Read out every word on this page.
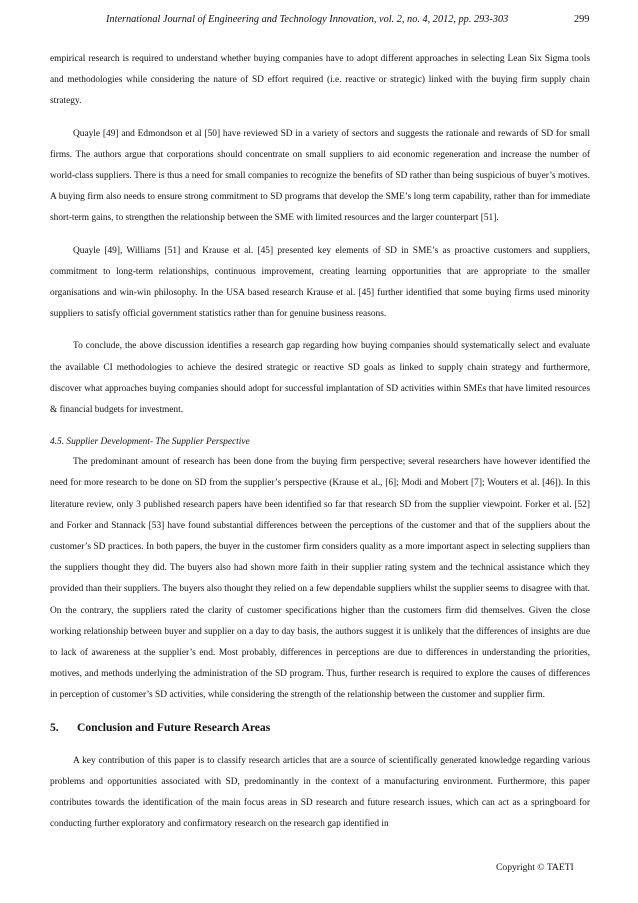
International Journal of Engineering and Technology Innovation, vol. 2, no. 4, 2012, pp. 293-303	299

empirical research is required to understand whether buying companies have to adopt different approaches in selecting Lean Six Sigma tools and methodologies while considering the nature of SD effort required (i.e. reactive or strategic) linked with the buying firm supply chain strategy.

Quayle [49] and Edmondson et al [50] have reviewed SD in a variety of sectors and suggests the rationale and rewards of SD for small firms. The authors argue that corporations should concentrate on small suppliers to aid economic regeneration and increase the number of world-class suppliers. There is thus a need for small companies to recognize the benefits of SD rather than being suspicious of buyer’s motives. A buying firm also needs to ensure strong commitment to SD programs that develop the SME’s long term capability, rather than for immediate short-term gains, to strengthen the relationship between the SME with limited resources and the larger counterpart [51].

Quayle [49], Williams [51] and Krause et al. [45] presented key elements of SD in SME’s as proactive customers and suppliers, commitment to long-term relationships, continuous improvement, creating learning opportunities that are appropriate to the smaller organisations and win-win philosophy. In the USA based research Krause et al. [45] further identified that some buying firms used minority suppliers to satisfy official government statistics rather than for genuine business reasons.

To conclude, the above discussion identifies a research gap regarding how buying companies should systematically select and evaluate the available CI methodologies to achieve the desired strategic or reactive SD goals as linked to supply chain strategy and furthermore, discover what approaches buying companies should adopt for successful implantation of SD activities within SMEs that have limited resources & financial budgets for investment.

4.5. Supplier Development- The Supplier Perspective

The predominant amount of research has been done from the buying firm perspective; several researchers have however identified the need for more research to be done on SD from the supplier’s perspective (Krause et al., [6]; Modi and Mobert [7]; Wouters et al. [46]). In this literature review, only 3 published research papers have been identified so far that research SD from the supplier viewpoint. Forker et al. [52] and Forker and Stannack [53] have found substantial differences between the perceptions of the customer and that of the suppliers about the customer’s SD practices. In both papers, the buyer in the customer firm considers quality as a more important aspect in selecting suppliers than the suppliers thought they did. The buyers also had shown more faith in their supplier rating system and the technical assistance which they provided than their suppliers. The buyers also thought they relied on a few dependable suppliers whilst the supplier seems to disagree with that. On the contrary, the suppliers rated the clarity of customer specifications higher than the customers firm did themselves. Given the close working relationship between buyer and supplier on a day to day basis, the authors suggest it is unlikely that the differences of insights are due to lack of awareness at the supplier’s end. Most probably, differences in perceptions are due to differences in understanding the priorities, motives, and methods underlying the administration of the SD program. Thus, further research is required to explore the causes of differences in perception of customer’s SD activities, while considering the strength of the relationship between the customer and supplier firm.

5. Conclusion and Future Research Areas

A key contribution of this paper is to classify research articles that are a source of scientifically generated knowledge regarding various problems and opportunities associated with SD, predominantly in the context of a manufacturing environment. Furthermore, this paper contributes towards the identification of the main focus areas in SD research and future research issues, which can act as a springboard for conducting further exploratory and confirmatory research on the research gap identified in

Copyright © TAETI
